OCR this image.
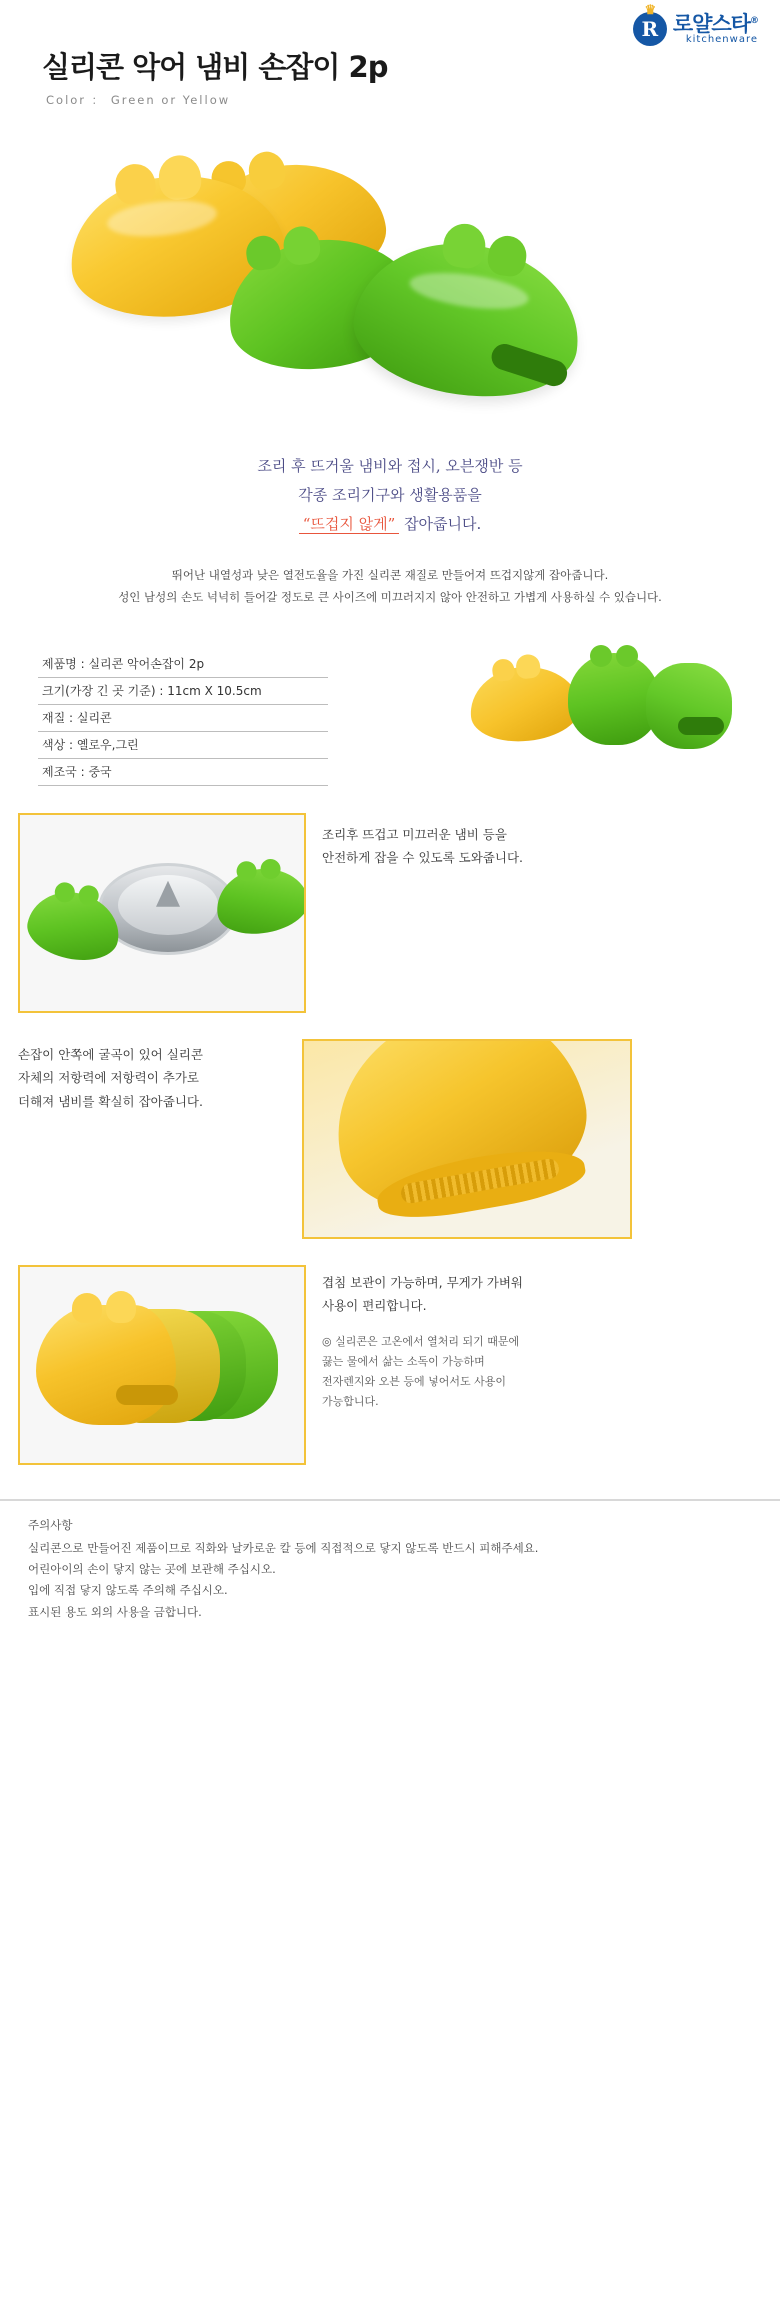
♛
R 로얄스타®
kitchenware
실리콘 악어 냄비 손잡이 2p
Color ： Green or Yellow
조리 후 뜨거울 냄비와 접시, 오븐쟁반 등
각종 조리기구와 생활용품을
“뜨겁지 않게” 잡아줍니다.
뛰어난 내열성과 낮은 열전도율을 가진 실리콘 재질로 만들어져 뜨겁지않게 잡아줍니다.
성인 남성의 손도 넉넉히 들어갈 정도로 큰 사이즈에 미끄러지지 않아 안전하고 가볍게 사용하실 수 있습니다.
제품명 : 실리콘 악어손잡이 2p
크기(가장 긴 곳 기준) : 11cm X 10.5cm
재질 : 실리콘
색상 : 옐로우,그린
제조국 : 중국
조리후 뜨겁고 미끄러운 냄비 등을
안전하게 잡을 수 있도록 도와줍니다.
손잡이 안쪽에 굴곡이 있어 실리콘
자체의 저항력에 저항력이 추가로
더해져 냄비를 확실히 잡아줍니다.
겹침 보관이 가능하며, 무게가 가벼워
사용이 편리합니다.
◎ 실리콘은 고온에서 열처리 되기 때문에
끓는 물에서 삶는 소독이 가능하며
전자렌지와 오븐 등에 넣어서도 사용이
가능합니다.
주의사항
실리콘으로 만들어진 제품이므로 직화와 날카로운 칼 등에 직접적으로 닿지 않도록 반드시 피해주세요.
어린아이의 손이 닿지 않는 곳에 보관해 주십시오.
입에 직접 닿지 않도록 주의해 주십시오.
표시된 용도 외의 사용을 금합니다.
